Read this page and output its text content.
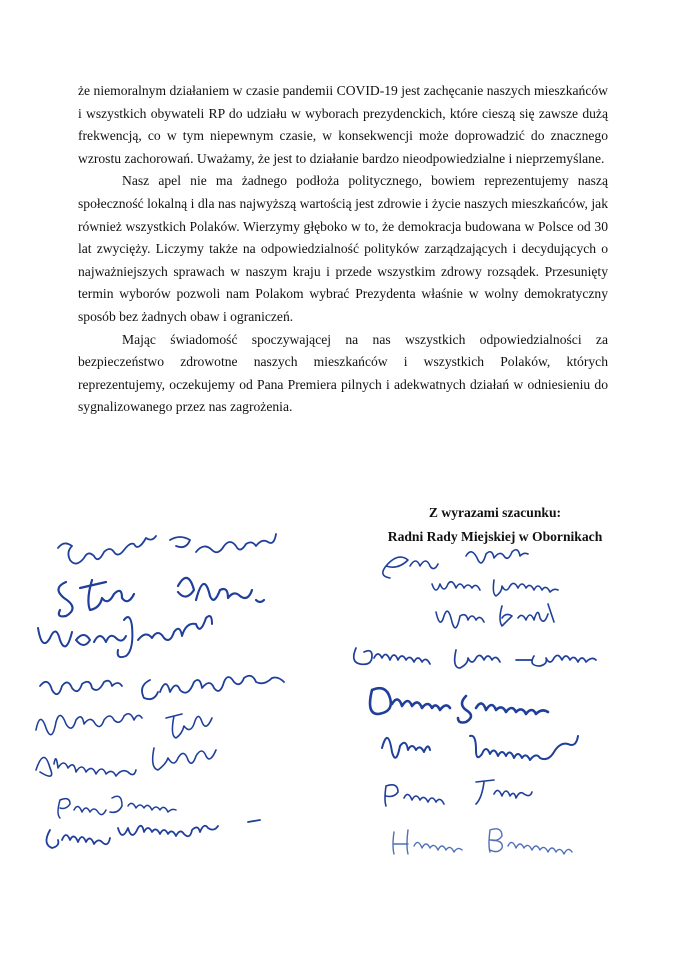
że niemoralnym działaniem w czasie pandemii COVID-19 jest zachęcanie naszych mieszkańców i wszystkich obywateli RP do udziału w wyborach prezydenckich, które cieszą się zawsze dużą frekwencją, co w tym niepewnym czasie, w konsekwencji może doprowadzić do znacznego wzrostu zachorowań. Uważamy, że jest to działanie bardzo nieodpowiedzialne i nieprzemyślane.

Nasz apel nie ma żadnego podłoża politycznego, bowiem reprezentujemy naszą społeczność lokalną i dla nas najwyższą wartością jest zdrowie i życie naszych mieszkańców, jak również wszystkich Polaków. Wierzymy głęboko w to, że demokracja budowana w Polsce od 30 lat zwycięży. Liczymy także na odpowiedzialność polityków zarządzających i decydujących o najważniejszych sprawach w naszym kraju i przede wszystkim zdrowy rozsądek. Przesunięty termin wyborów pozwoli nam Polakom wybrać Prezydenta właśnie w wolny demokratyczny sposób bez żadnych obaw i ograniczeń.

Mając świadomość spoczywającej na nas wszystkich odpowiedzialności za bezpieczeństwo zdrowotne naszych mieszkańców i wszystkich Polaków, których reprezentujemy, oczekujemy od Pana Premiera pilnych i adekwatnych działań w odniesieniu do sygnalizowanego przez nas zagrożenia.

Z wyrazami szacunku:
Radni Rady Miejskiej w Obornikach
